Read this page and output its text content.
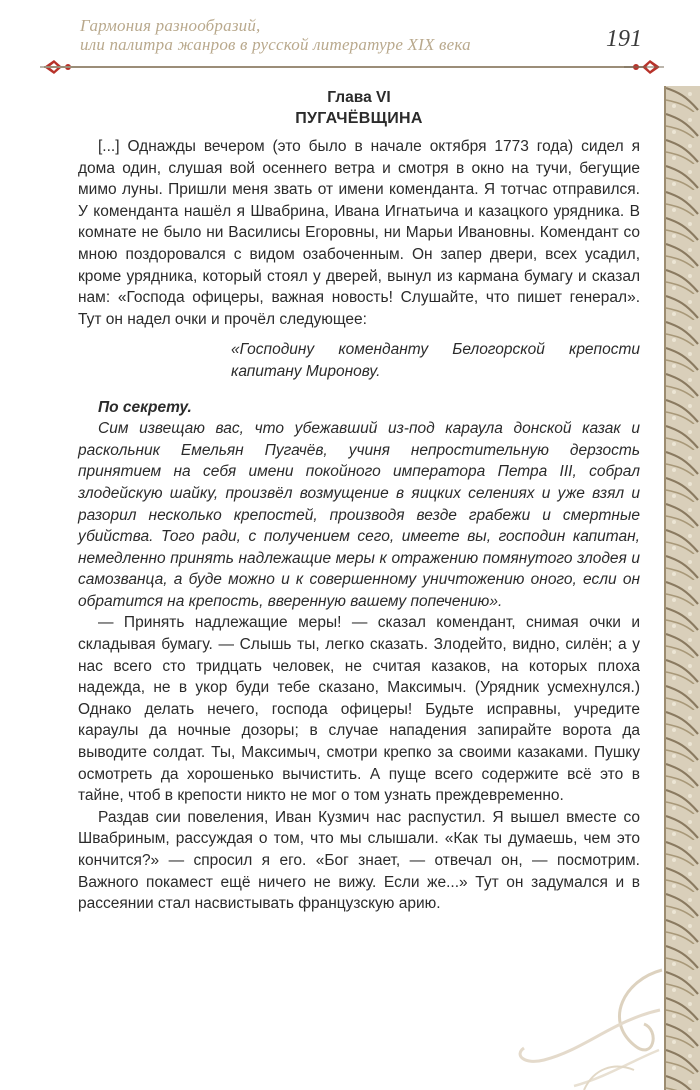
Гармония разнообразий,
или палитра жанров в русской литературе XIX века	191
Глава VI
ПУГАЧЁВЩИНА

[...] Однажды вечером (это было в начале октября 1773 года) сидел я дома один, слушая вой осеннего ветра и смотря в окно на тучи, бегущие мимо луны. Пришли меня звать от имени коменданта. Я тотчас отправился. У коменданта нашёл я Швабрина, Ивана Игнатьича и казацкого урядника. В комнате не было ни Василисы Егоровны, ни Марьи Ивановны. Комендант со мною поздоровался с видом озабоченным. Он запер двери, всех усадил, кроме урядника, который стоял у дверей, вынул из кармана бумагу и сказал нам: «Господа офицеры, важная новость! Слушайте, что пишет генерал». Тут он надел очки и прочёл следующее:

«Господину коменданту Белогорской крепости капитану Миронову.

По секрету.

Сим извещаю вас, что убежавший из-под караула донской казак и раскольник Емельян Пугачёв, учиня непростительную дерзость принятием на себя имени покойного императора Петра III, собрал злодейскую шайку, произвёл возмущение в яицких селениях и уже взял и разорил несколько крепостей, производя везде грабежи и смертные убийства. Того ради, с получением сего, имеете вы, господин капитан, немедленно принять надлежащие меры к отражению помянутого злодея и самозванца, а буде можно и к совершенному уничтожению оного, если он обратится на крепость, вверенную вашему попечению».

— Принять надлежащие меры! — сказал комендант, снимая очки и складывая бумагу. — Слышь ты, легко сказать. Злодейто, видно, силён; а у нас всего сто тридцать человек, не считая казаков, на которых плоха надежда, не в укор буди тебе сказано, Максимыч. (Урядник усмехнулся.) Однако делать нечего, господа офицеры! Будьте исправны, учредите караулы да ночные дозоры; в случае нападения запирайте ворота да выводите солдат. Ты, Максимыч, смотри крепко за своими казаками. Пушку осмотреть да хорошенько вычистить. А пуще всего содержите всё это в тайне, чтоб в крепости никто не мог о том узнать преждевременно.

Раздав сии повеления, Иван Кузмич нас распустил. Я вышел вместе со Швабриным, рассуждая о том, что мы слышали. «Как ты думаешь, чем это кончится?» — спросил я его. «Бог знает, — отвечал он, — посмотрим. Важного покамест ещё ничего не вижу. Если же...» Тут он задумался и в рассеянии стал насвистывать французскую арию.
